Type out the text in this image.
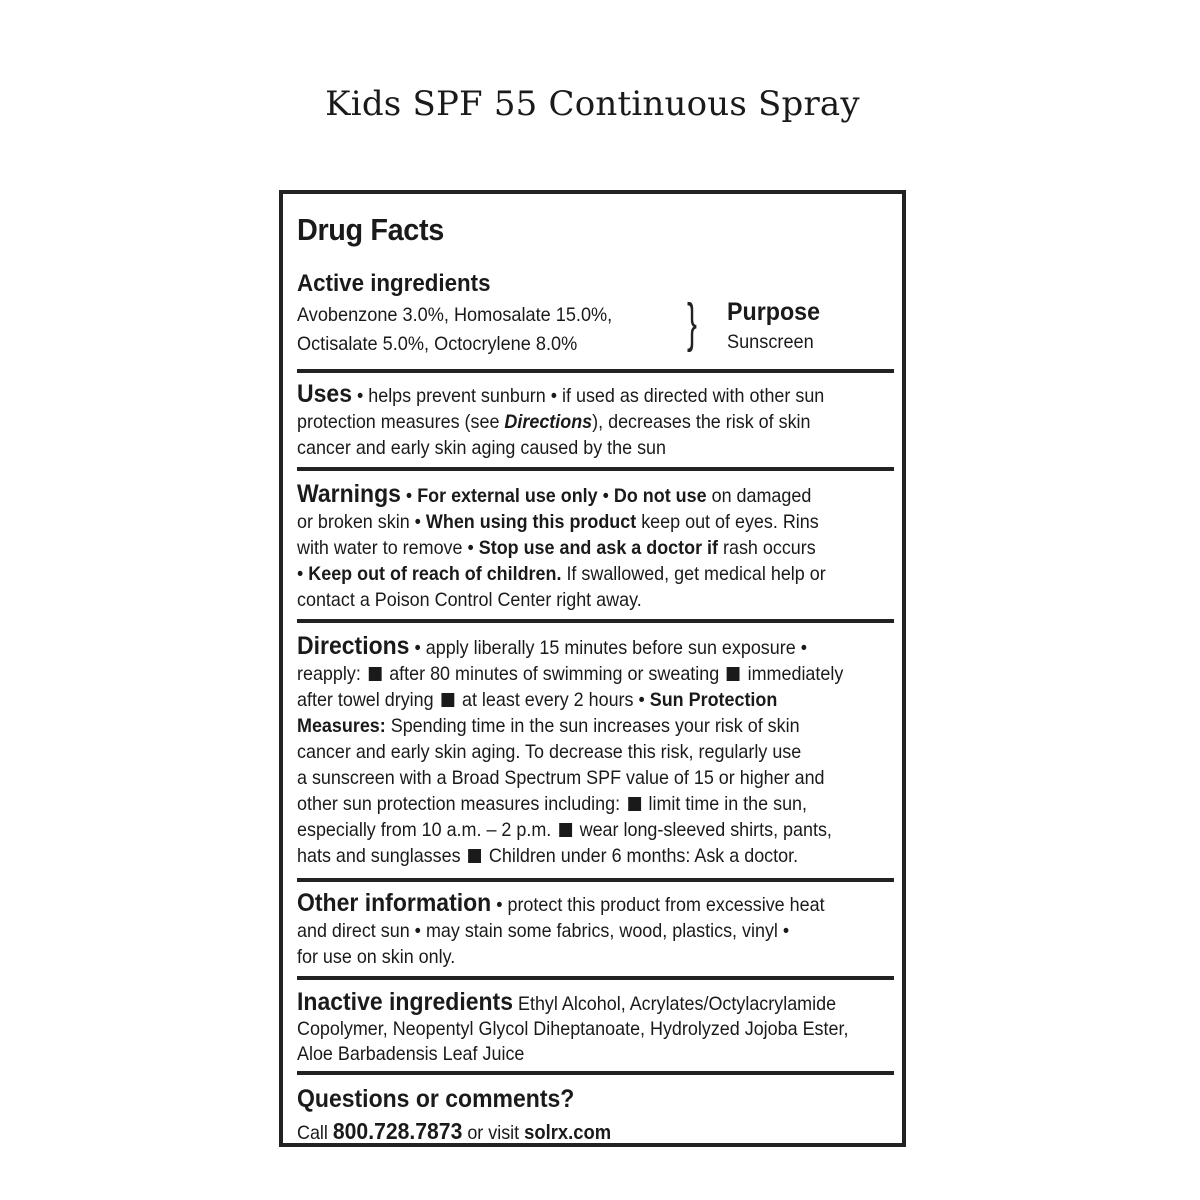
Kids SPF 55 Continuous Spray
Drug Facts
Active ingredients
Avobenzone 3.0%, Homosalate 15.0%,
Octisalate 5.0%, Octocrylene 8.0% } Purpose
Sunscreen
Uses • helps prevent sunburn • if used as directed with other sun
protection measures (see Directions), decreases the risk of skin
cancer and early skin aging caused by the sun
Warnings • For external use only • Do not use on damaged
or broken skin • When using this product keep out of eyes. Rins
with water to remove • Stop use and ask a doctor if rash occurs
• Keep out of reach of children. If swallowed, get medical help or
contact a Poison Control Center right away.
Directions • apply liberally 15 minutes before sun exposure •
reapply:  after 80 minutes of swimming or sweating  immediately
after towel drying  at least every 2 hours • Sun Protection
Measures: Spending time in the sun increases your risk of skin
cancer and early skin aging. To decrease this risk, regularly use
a sunscreen with a Broad Spectrum SPF value of 15 or higher and
other sun protection measures including:  limit time in the sun,
especially from 10 a.m. – 2 p.m.  wear long-sleeved shirts, pants,
hats and sunglasses  Children under 6 months: Ask a doctor.
Other information • protect this product from excessive heat
and direct sun • may stain some fabrics, wood, plastics, vinyl •
for use on skin only.
Inactive ingredients Ethyl Alcohol, Acrylates/Octylacrylamide
Copolymer, Neopentyl Glycol Diheptanoate, Hydrolyzed Jojoba Ester,
Aloe Barbadensis Leaf Juice
Questions or comments?
Call 800.728.7873 or visit solrx.com
